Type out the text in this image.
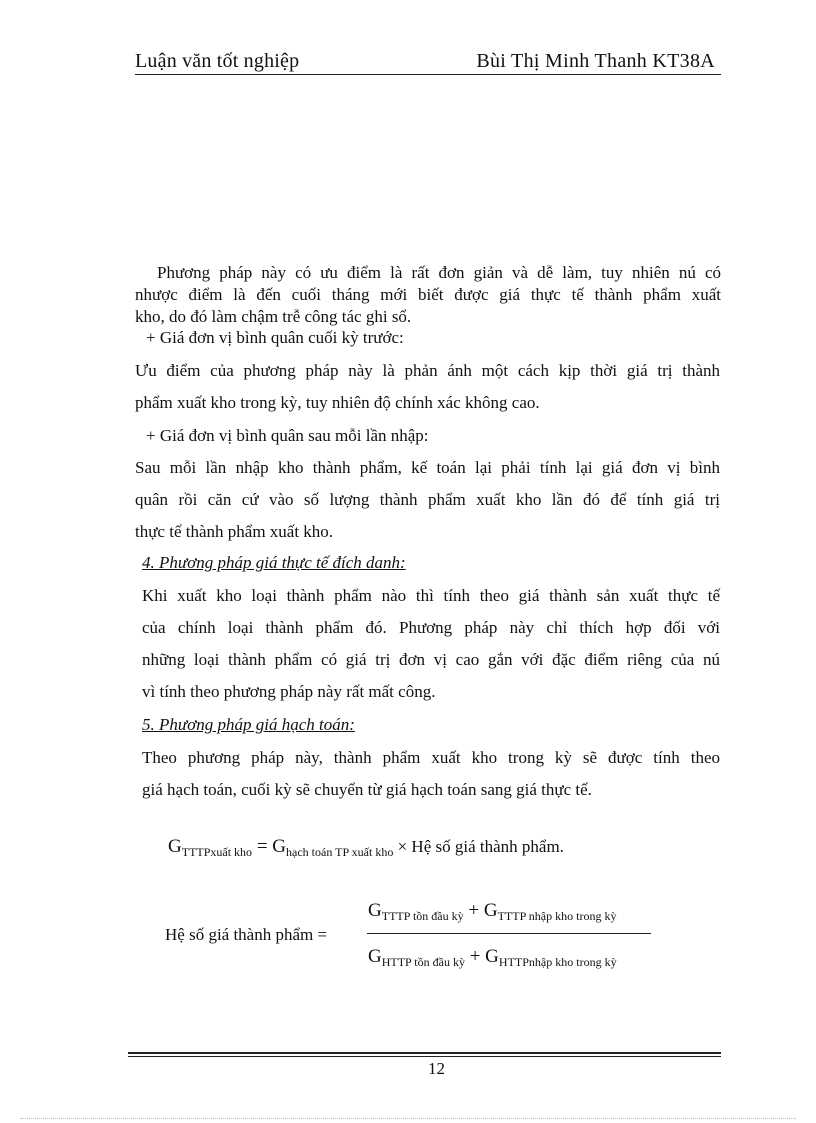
Luận văn tốt nghiệp	Bùi Thị Minh Thanh KT38A
Phương pháp này có ưu điểm là rất đơn giản và dễ làm, tuy nhiên nú có
nhược điểm là đến cuối tháng mới biết được giá thực tế thành phẩm xuất
kho, do đó làm chậm trễ công tác ghi sổ.
+ Giá đơn vị bình quân cuối kỳ trước:
Ưu điểm của phương pháp này là phản ánh một cách kịp thời giá trị thành
phẩm xuất kho trong kỳ, tuy nhiên độ chính xác không cao.
+ Giá đơn vị bình quân sau mỗi lần nhập:
Sau mỗi lần nhập kho thành phẩm, kế toán lại phải tính lại giá đơn vị bình
quân rồi căn cứ vào số lượng thành phẩm xuất kho lần đó để tính giá trị
thực tế thành phẩm xuất kho.
4. Phương pháp giá thực tế đích danh:
Khi xuất kho loại thành phẩm nào thì tính theo giá thành sản xuất thực tế
của chính loại thành phẩm đó. Phương pháp này chỉ thích hợp đối với
những loại thành phẩm có giá trị đơn vị cao gắn với đặc điểm riêng của nú
vì tính theo phương pháp này rất mất công.
5. Phương pháp giá hạch toán:
Theo phương pháp này, thành phẩm xuất kho trong kỳ sẽ được tính theo
giá hạch toán, cuối kỳ sẽ chuyển từ giá hạch toán sang giá thực tế.
$G_{TTTPxuất kho} = G_{hạch toán TP xuất kho}$ × Hệ số giá thành phẩm.
Hệ số giá thành phẩm =
$G_{TTTP tồn đầu kỳ} + G_{TTTP nhập kho trong kỳ}$
$G_{HTTP tồn đầu kỳ} + G_{HTTPnhập kho trong kỳ}$
12
